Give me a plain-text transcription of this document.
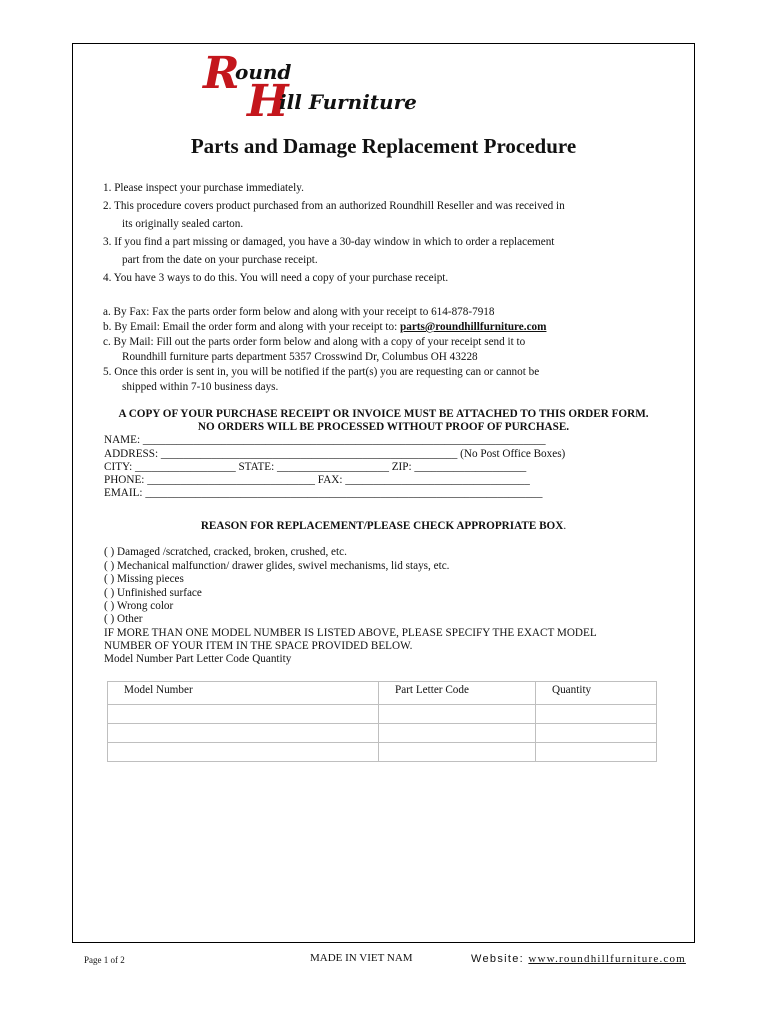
R
ound
H
ill Furniture
Parts and Damage Replacement Procedure
1. Please inspect your purchase immediately.
2. This procedure covers product purchased from an authorized Roundhill Reseller and was received in
its originally sealed carton.
3. If you find a part missing or damaged, you have a 30-day window in which to order a replacement
part from the date on your purchase receipt.
4. You have 3 ways to do this. You will need a copy of your purchase receipt.
a. By Fax: Fax the parts order form below and along with your receipt to 614-878-7918
b. By Email: Email the order form and along with your receipt to: parts@roundhillfurniture.com
c. By Mail: Fill out the parts order form below and along with a copy of your receipt send it to
Roundhill furniture parts department 5357 Crosswind Dr, Columbus OH 43228
5. Once this order is sent in, you will be notified if the part(s) you are requesting can or cannot be
shipped within 7-10 business days.
A COPY OF YOUR PURCHASE RECEIPT OR INVOICE MUST BE ATTACHED TO THIS ORDER FORM.
NO ORDERS WILL BE PROCESSED WITHOUT PROOF OF PURCHASE.
NAME: ________________________________________________________________________
ADDRESS: _____________________________________________________ (No Post Office Boxes)
CITY: __________________ STATE: ____________________ ZIP: ____________________
PHONE: ______________________________ FAX: _________________________________
EMAIL: _______________________________________________________________________
REASON FOR REPLACEMENT/PLEASE CHECK APPROPRIATE BOX.
( ) Damaged /scratched, cracked, broken, crushed, etc.
( ) Mechanical malfunction/ drawer glides, swivel mechanisms, lid stays, etc.
( ) Missing pieces
( ) Unfinished surface
( ) Wrong color
( ) Other
IF MORE THAN ONE MODEL NUMBER IS LISTED ABOVE, PLEASE SPECIFY THE EXACT MODEL
NUMBER OF YOUR ITEM IN THE SPACE PROVIDED BELOW.
Model Number Part Letter Code Quantity
Model Number	Part Letter Code	Quantity

Page 1 of 2	MADE IN VIET NAM	Website: www.roundhillfurniture.com
